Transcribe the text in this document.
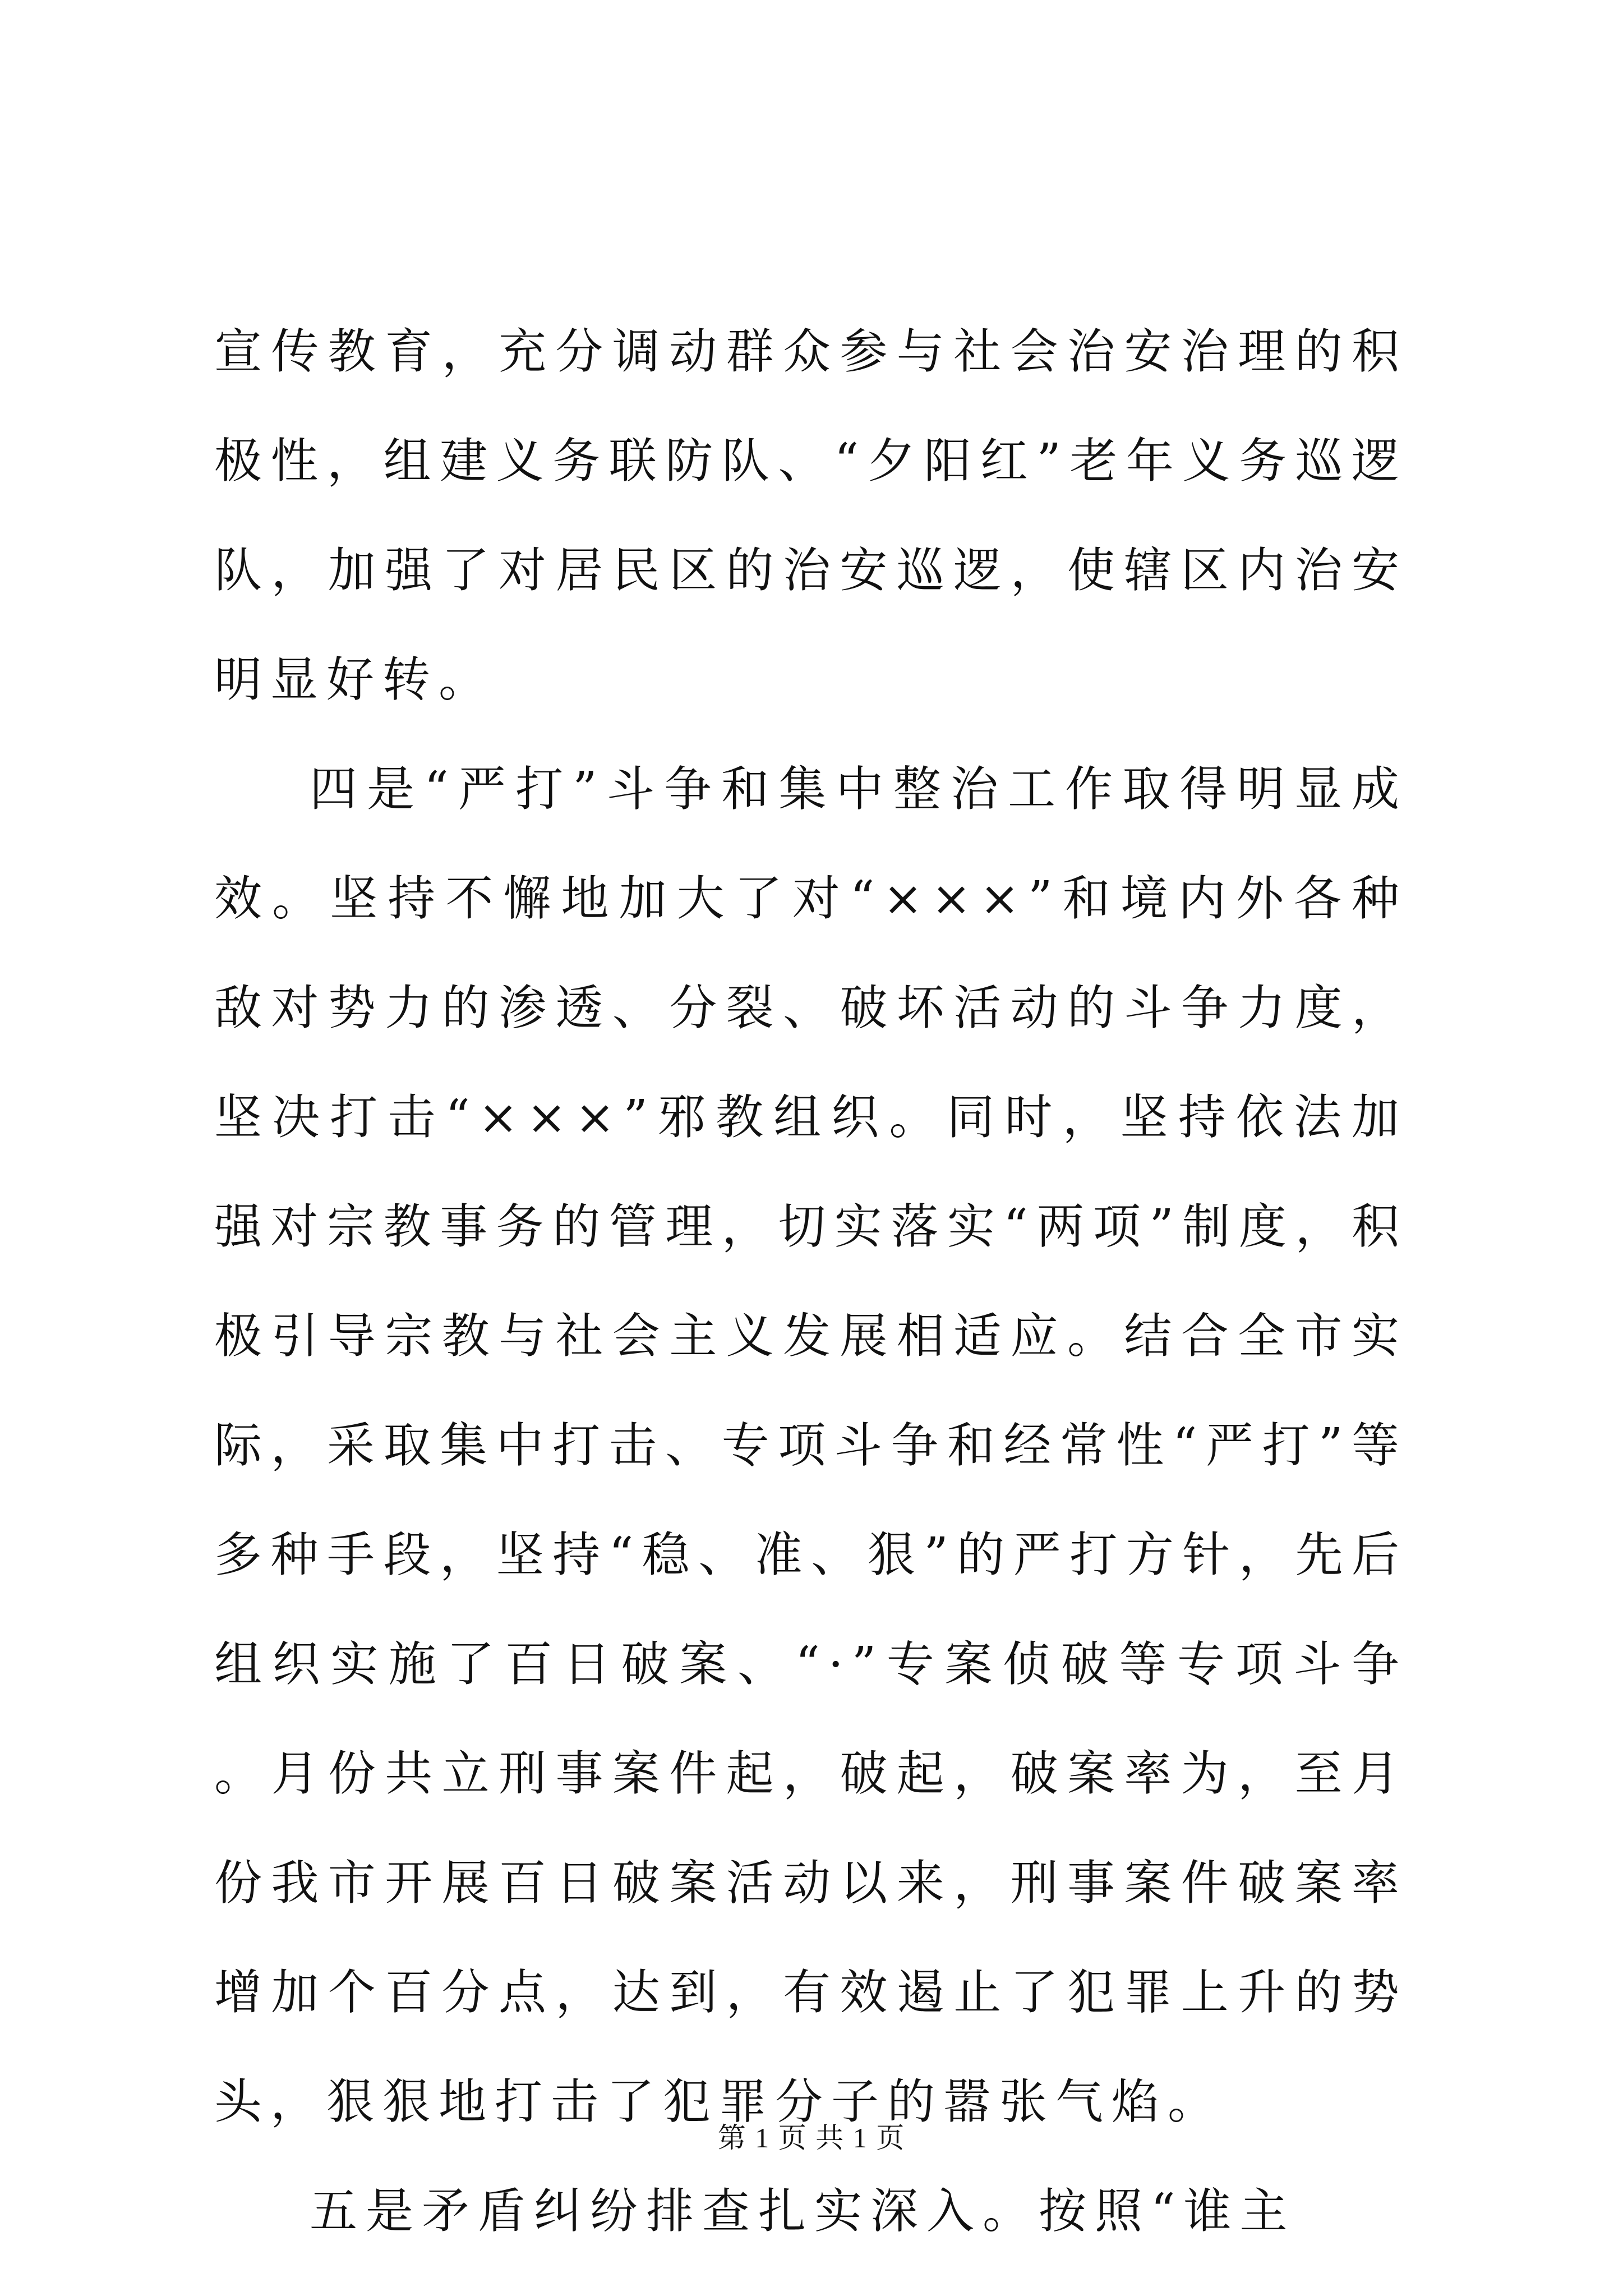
宣传教育，充分调动群众参与社会治安治理的积极性，组建义务联防队、“夕阳红”老年义务巡逻队，加强了对居民区的治安巡逻，使辖区内治安明显好转。

四是“严打”斗争和集中整治工作取得明显成效。坚持不懈地加大了对“×××”和境内外各种敌对势力的渗透、分裂、破坏活动的斗争力度，坚决打击“×××”邪教组织。同时，坚持依法加强对宗教事务的管理，切实落实“两项”制度，积极引导宗教与社会主义发展相适应。结合全市实际，采取集中打击、专项斗争和经常性“严打”等多种手段，坚持“稳、准、狠”的严打方针，先后组织实施了百日破案、“·”专案侦破等专项斗争。月份共立刑事案件起，破起，破案率为，至月份我市开展百日破案活动以来，刑事案件破案率增加个百分点，达到，有效遏止了犯罪上升的势头，狠狠地打击了犯罪分子的嚣张气焰。

五是矛盾纠纷排查扎实深入。按照“谁主

第 1 页 共 1 页
